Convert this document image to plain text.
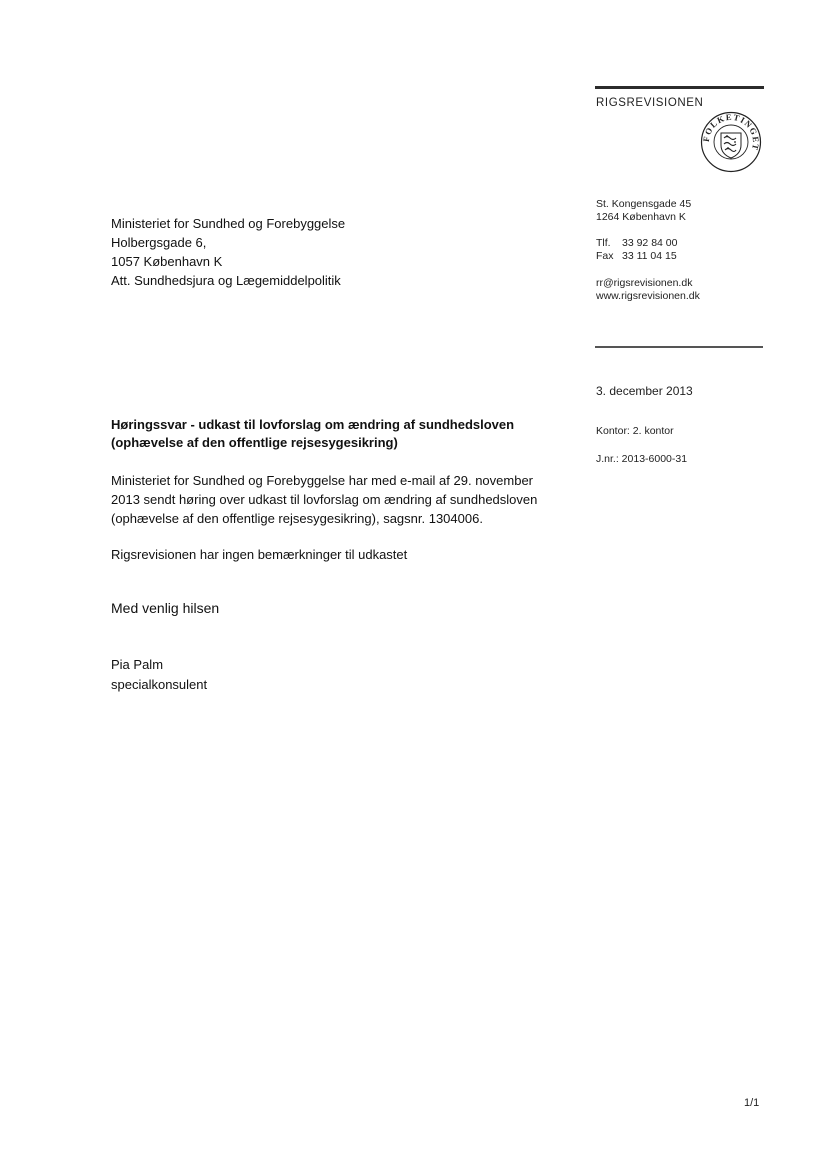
RIGSREVISIONEN
FOLKETINGET
St. Kongensgade 45
1264 København K
Tlf. 33 92 84 00
Fax 33 11 04 15
rr@rigsrevisionen.dk
www.rigsrevisionen.dk
Ministeriet for Sundhed og Forebyggelse
Holbergsgade 6,
1057 København K
Att. Sundhedsjura og Lægemiddelpolitik
3. december 2013
Kontor: 2. kontor
J.nr.: 2013-6000-31
Høringssvar - udkast til lovforslag om ændring af sundhedsloven (ophævelse af den offentlige rejsesygesikring)
Ministeriet for Sundhed og Forebyggelse har med e-mail af 29. november 2013 sendt høring over udkast til lovforslag om ændring af sundhedsloven (ophævelse af den offentlige rejsesygesikring), sagsnr. 1304006.
Rigsrevisionen har ingen bemærkninger til udkastet
Med venlig hilsen
Pia Palm
specialkonsulent
1/1
